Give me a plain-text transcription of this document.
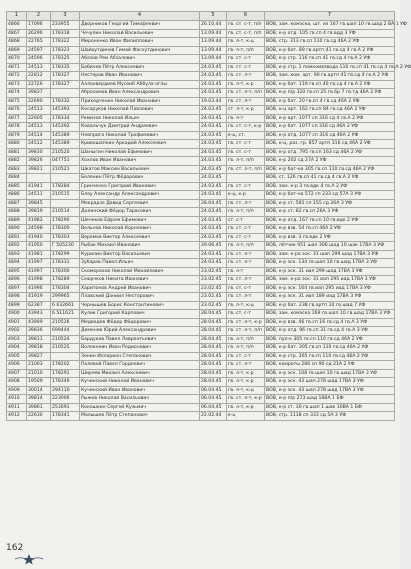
1	2	3	4	5	6	7
4866	17096	233955	Дворников Георгий Тимофеевич	26.10.44	гв. ст. с-т, п/п	ВОВ, зам. комэска, шт. из 167 гв.шап 10 гв.шад 2 ВА 1 УФ
4867	26296	178318	Чечулин Николай Васильевич	13.09.44	гв. ст. с-т, п/п	ВОВ, к-р отд. 105 гв.сп 4 гв.вдд 3 УФ
4868	22765	178322	Мироненко Иван Филиппович	13.09.44	гв. л-т, к-ц	ВОВ, стр. 313 гв.сп 110 гв.сд 46А 2 УФ
4869	24597	178323	Шайхутдинов Гимай Фасхутдинович	13.09.44	гв. л-т, п/п	ВОВ, к-р бат. 89 гв.артп 41 гв.сд 4 гв.А 2 УФ
4870	24596	178325	Абазов Рем Абзалович	13.09.44	гв. ст. с-т	ВОВ, к-р стр. 116 гв.сп 41 гв.сд 4 гв.А 2 УФ
4871	24513	178335	Бабичев Пётр Алексеевич	24.03.45	гв. ст. с-т	ВОВ, к-р стр. 1 помкомвзвода 116 гв.сп 41 гв.сд 4 гв.А 2 УФ
4872	22812	178327	Нестеров Иван Иванович	24.03.45	гв. ст. л-т	ВОВ, зам. ком. арт. 90 гв.артп 41 гв.сд 4 гв.А 2 УФ
4873	22726	178327	Аллахвердиев Мусеиб Аббула оглы	24.03.45	гв. л-т, к-р	ВОВ, к-р бат. 119 гв.сп 40 гв.сд 4 гв.А 2 УФ
4874	39837		Абросимов Иван Александрович	24.03.45	гв. ст. л-т, п/п	ВОВ, к-р п/р 320 гв.сп 25 гв.бр 7 гв.тд 46А 2 УФ
4875	22690	178332	Приходченко Николай Иванович	19.03.44	гв. ст. л-т	ВОВ, к-р бат. 20 гв.сп 4 гв.сд 46А 2 УФ
4876	24513	145393	Косоруков Николай Павлович	24.03.45	ст. л-т, к-р	ВОВ, к-ц арт. 162 гв.сп 84 гв.сд 46А 2 УФ
4877	22605	178334	Ремизов Николай Ильич	24.03.45	гв. л-т	ВОВ, к-р арт. 1077 сп 316 сд 4 гв.А 2 УФ
4878	24513	145392	Ковальчук Дмитрий Андреевич	24.03.45	гв. ст. с-т, к-р	ВОВ, к-р бат. 1077 сп 316 сд 46А 2 УФ
4879	24514	145389	Невприга Николай Трофимович	24.03.45	к-ц, ст.	ВОВ, к-р отд. 1077 сп 316 сд 46А 2 УФ
4880	24512	145389	Кривошапкин Аркадий Алексеевич	24.03.45	гв. ст. с-т	ВОВ, к-ц, раз. гр. 857 артп 316 сд 46А 2 УФ
4881	39830	210520	Шаныгин Николай Ефимович	24.03.45	гв. ст. с-т	ВОВ, к-р отд. 795 гв.сп 163 сд 46А 2 УФ
4882	39826	047751	Хохлов Иван Иванович	24.03.45	гв. л-т, п/п	ВОВ, к-р 202 сд 27А 2 УФ
4883	39821	210521	Шкатов Максим Васильевич	24.03.45	гв. ст. л-т, п/п	ВОВ, к-р бат-на 305 гв.сп 110 гв.сд 46А 2 УФ
4884			Белянин Пётр Фёдорович	24.03.45		ВОВ, ст. 126 гв.сп 41 гв.сд 4 гв.А 2 УФ
4885	41941	178284	Гринченко Григорий Иванович	24.03.45	гв. ст. с-т	ВОВ, зам. к-р 3 гв.вдк 4 гв.А 2 УФ
4886	24511	210515	Блау Александр Александрович	24.03.45	к-ц, к-р	ВОВ, к-р бат-на 572 сп 233 сд 57А 3 УФ
4887	39845		Мекрадзе Давид Сергеевич	28.04.45	гв. ст. л-т	ВОВ, к-р ст. 581 сп 155 сд 26А 3 УФ
4888	39819	210514	Долинский Фёдор Тарасович	24.03.45	гв. л-т, п/п	ВОВ, к-р ст. 82 гв.сп 26А 3 УФ
4889	41982	178290	Шелеков Ефрем Ефимович	24.03.45	ст. с-т	ВОВ, к-р отд. 167 гв.сп 10 гв.вдк 2 УФ
4890	24598	178300	Вельнов Николай Корнеевич	24.03.45	гв. ст. с-т	ВОВ, к-р взв. 54 гв.сп 46А 2 УФ
4891	41940	178303	Веремов Виктор Алексеевич	24.03.45	гв. ст. с-т	ВОВ, к-р взв. 3 гв.вдк 2 УФ
4892	41950	Г 505230	Рыбак Михаил Иванович	29.06.45	гв. л-т, п/п	ВОВ, лётчик 951 шап 306 шад 10 шак 17ВА 3 УФ
4893	41981	178299	Курилин Виктор Васильевич	24.03.45	гв. ст. л-т	ВОВ, зам. к-ра эск. 31 шап 299 шад 17ВА 3 УФ
4894	41997	178331	Зубарев Павел Ильич	24.03.45	гв. ст. л-т	ВОВ, к-р эск. 134 гв.шап 10 гв.шад 17ВА 3 УФ
4895	41997	178300	Скоморохов Николай Михайлович	23.02.45	гв. л-т	ВОВ, к-р эск. 31 иап 299 шад 17ВА 3 УФ
4896	41998	178289	Сморчков Никита Иванович	23.02.45	гв. ст. л-т	ВОВ, зам. к-ра эск. 31 иап 295 иад 17ВА 3 УФ
4897	41996	178304	Харитонов Андрей Иванович	23.02.45	гв. ст. с-т	ВОВ, к-р эск. 164 гв.иап 295 иад 17ВА 3 УФ
4898	41919	299965	Плавский Даниил Несторович	23.02.45	гв. ст. л-т	ВОВ, к-р эск. 31 иап 189 иад 17ВА 3 УФ
4899	62387	6 632661	Черныщёв Борис Константинович	23.02.45	гв. л-т, к-ц	ВОВ, к-р бат. 238 гв.артп 10 гв.шад 7 УФ
4900	43943	6 511621	Кулик Григорий Карпович	28.04.45	гв. ст. с-т	ВОВ, зам. комэска 169 гв.шап 10 гв.шад 17ВА 3 УФ
4901	43999	210526	Медведев Фёдор Фёдорович	28.04.45	гв. ст. л-т, к-р	ВОВ, к-р взв. 46 гв.сп 16 гв.сд 4 гв.А 3 УФ
4902	39836	699444	Деменев Юрий Александрович	28.04.45	гв. ст. л-т, п/п	ВОВ, к-р отд. 96 гв.сп 31 гв.сд 4 гв.А 3 УФ
4903	39811	210524	Бардуков Павел Лаврентьевич	28.04.45	гв. л-т, п/п	ВОВ, пул-к 305 гв.сп 110 гв.сд 46А 2 УФ
4904	39818	210525	Волокнеин Иван Родионович	28.04.45	гв. л-т, п/п	ВОВ, к-р бат. 305 гв.сп 110 гв.сд 46А 2 УФ
4905	39827		Зенин Илларион Степанович	28.04.45	гв. ст. с-т	ВОВ, к-р стр. 305 гв.сп 110 гв.сд 46А 2 УФ
4906	21003	178202	Полевой Павел Гордеевич	28.04.45	гв. ст. л-т	ВОВ, комроты 286 сп 90 сд 21А 2 УФ
4907	21010	178291	Ширяев Михаил Алексеевич	28.04.45	гв. л-т, к-р	ВОВ, к-р эск. 108 гв.шап 10 гв.шад 17ВА 3 УФ
4908	19509	178349	Кучинский Николай Иванович	28.04.45	гв. л-т, к-р	ВОВ, к-р эск. 43 шап 278 шад 17ВА 3 УФ
4909	30014	294110	Кучинский Иван Иванович	06.04.45	гв. л-т, к-ц	ВОВ, к-р эск. 43 шап 278 шад 17ВА 3 УФ
4910	39814	223006	Рыжов Николай Васильевич	06.04.45	гв. ст. л-т, к-р	ВОВ, к-р п/р 273 шад 16ВА 1 БФ
4911	39861	253091	Кокошкин Сергей Кузьмич	06.04.45	гв. л-т, к-р	ВОВ, к-р ст. 30 гв.шап 1 шак 16ВА 1 БФ
4912	22630	178341	Малышев Пётр Степанович	22.02.44	к-ц	ВОВ, стр. 1118 сп 333 сд 5А 3 УФ
162
